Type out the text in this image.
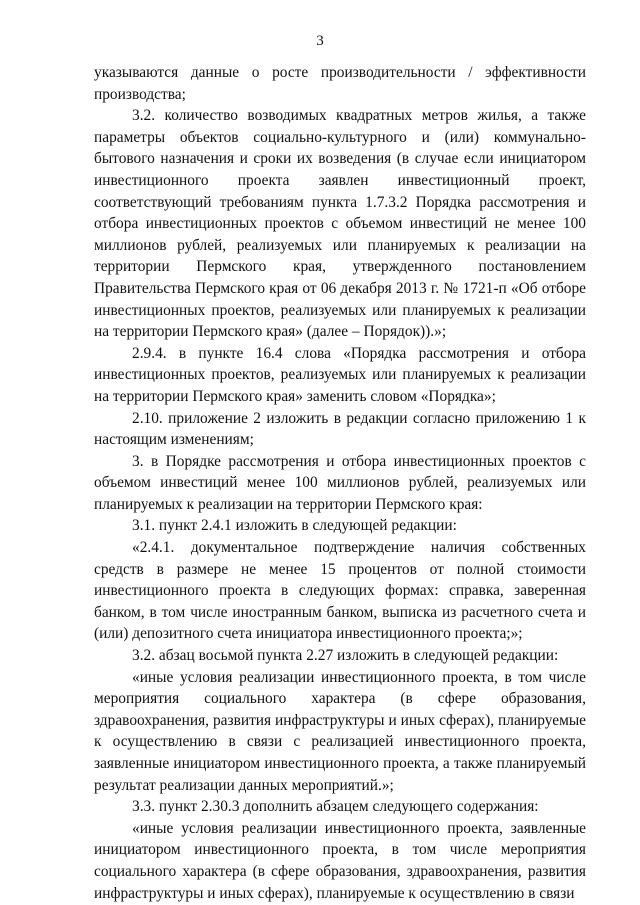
3

указываются данные о росте производительности / эффективности производства;

3.2. количество возводимых квадратных метров жилья, а также параметры объектов социально-культурного и (или) коммунально-бытового назначения и сроки их возведения (в случае если инициатором инвестиционного проекта заявлен инвестиционный проект, соответствующий требованиям пункта 1.7.3.2 Порядка рассмотрения и отбора инвестиционных проектов с объемом инвестиций не менее 100 миллионов рублей, реализуемых или планируемых к реализации на территории Пермского края, утвержденного постановлением Правительства Пермского края от 06 декабря 2013 г. № 1721-п «Об отборе инвестиционных проектов, реализуемых или планируемых к реализации на территории Пермского края» (далее – Порядок)).»;

2.9.4. в пункте 16.4 слова «Порядка рассмотрения и отбора инвестиционных проектов, реализуемых или планируемых к реализации на территории Пермского края» заменить словом «Порядка»;

2.10. приложение 2 изложить в редакции согласно приложению 1 к настоящим изменениям;

3. в Порядке рассмотрения и отбора инвестиционных проектов с объемом инвестиций менее 100 миллионов рублей, реализуемых или планируемых к реализации на территории Пермского края:

3.1. пункт 2.4.1 изложить в следующей редакции:

«2.4.1. документальное подтверждение наличия собственных средств в размере не менее 15 процентов от полной стоимости инвестиционного проекта в следующих формах: справка, заверенная банком, в том числе иностранным банком, выписка из расчетного счета и (или) депозитного счета инициатора инвестиционного проекта;»;

3.2. абзац восьмой пункта 2.27 изложить в следующей редакции:

«иные условия реализации инвестиционного проекта, в том числе мероприятия социального характера (в сфере образования, здравоохранения, развития инфраструктуры и иных сферах), планируемые к осуществлению в связи с реализацией инвестиционного проекта, заявленные инициатором инвестиционного проекта, а также планируемый результат реализации данных мероприятий.»;

3.3. пункт 2.30.3 дополнить абзацем следующего содержания:

«иные условия реализации инвестиционного проекта, заявленные инициатором инвестиционного проекта, в том числе мероприятия социального характера (в сфере образования, здравоохранения, развития инфраструктуры и иных сферах), планируемые к осуществлению в связи
